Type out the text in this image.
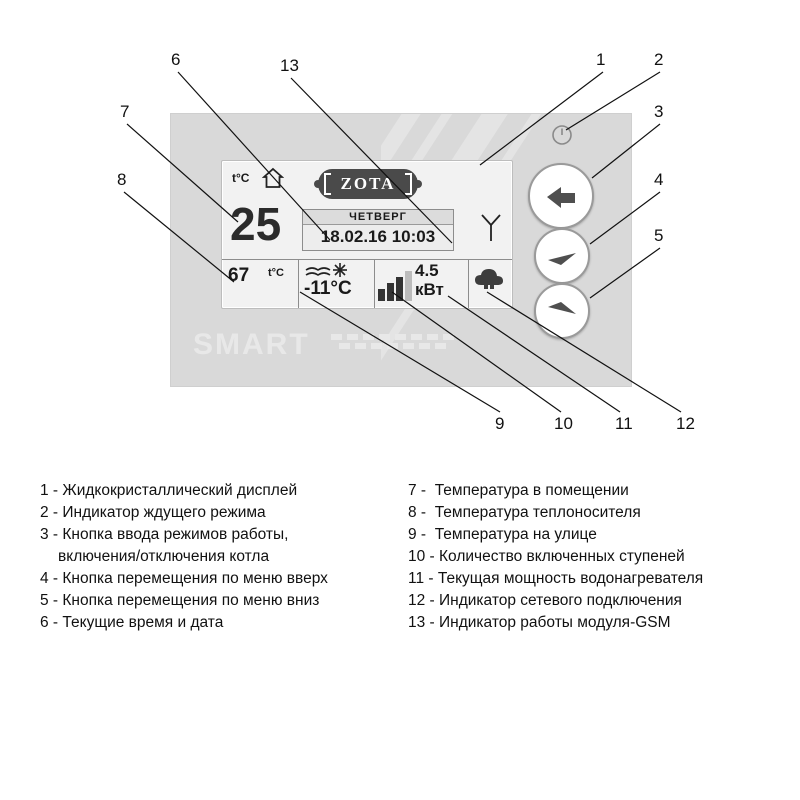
SMART
t°C	ZOTA
25	ЧЕТВЕРГ
18.02.16 10:03
67 t°C
-11°C
4.5
кВт
1	2
3
4
5
6
7
8
9	10 11	12
13
1 - Жидкокристаллический дисплей
2 - Индикатор ждущего режима
3 - Кнопка ввода режимов работы,
включения/отключения котла
4 - Кнопка перемещения по меню вверх
5 - Кнопка перемещения по меню вниз
6 - Текущие время и дата
7 -  Температура в помещении
8 -  Температура теплоносителя
9 -  Температура на улице
10 - Количество включенных ступеней
11 - Текущая мощность водонагревателя
12 - Индикатор сетевого подключения
13 - Индикатор работы модуля-GSM
